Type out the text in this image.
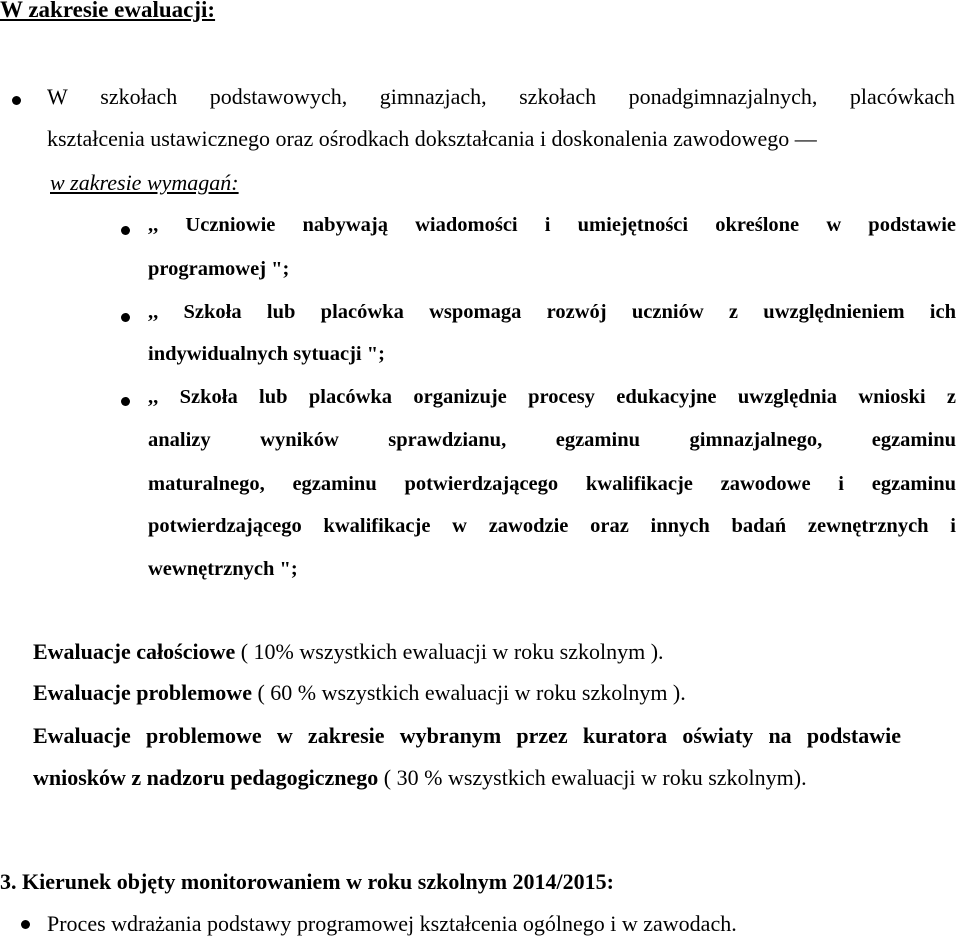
W zakresie ewaluacji:
W szkołach podstawowych, gimnazjach, szkołach ponadgimnazjalnych, placówkach
kształcenia ustawicznego oraz ośrodkach dokształcania i doskonalenia zawodowego —
w zakresie wymagań:
,, Uczniowie nabywają wiadomości i umiejętności określone w podstawie
programowej ";
,, Szkoła lub placówka wspomaga rozwój uczniów z uwzględnieniem ich
indywidualnych sytuacji ";
,, Szkoła lub placówka organizuje procesy edukacyjne uwzględnia wnioski z
analizy wyników sprawdzianu, egzaminu gimnazjalnego, egzaminu
maturalnego, egzaminu potwierdzającego kwalifikacje zawodowe i egzaminu
potwierdzającego kwalifikacje w zawodzie oraz innych badań zewnętrznych i
wewnętrznych ";
Ewaluacje całościowe ( 10% wszystkich ewaluacji w roku szkolnym ).
Ewaluacje problemowe ( 60 % wszystkich ewaluacji w roku szkolnym ).
Ewaluacje problemowe w zakresie wybranym przez kuratora oświaty na podstawie
wniosków z nadzoru pedagogicznego ( 30 % wszystkich ewaluacji w roku szkolnym).
3. Kierunek objęty monitorowaniem w roku szkolnym 2014/2015:
Proces wdrażania podstawy programowej kształcenia ogólnego i w zawodach.
